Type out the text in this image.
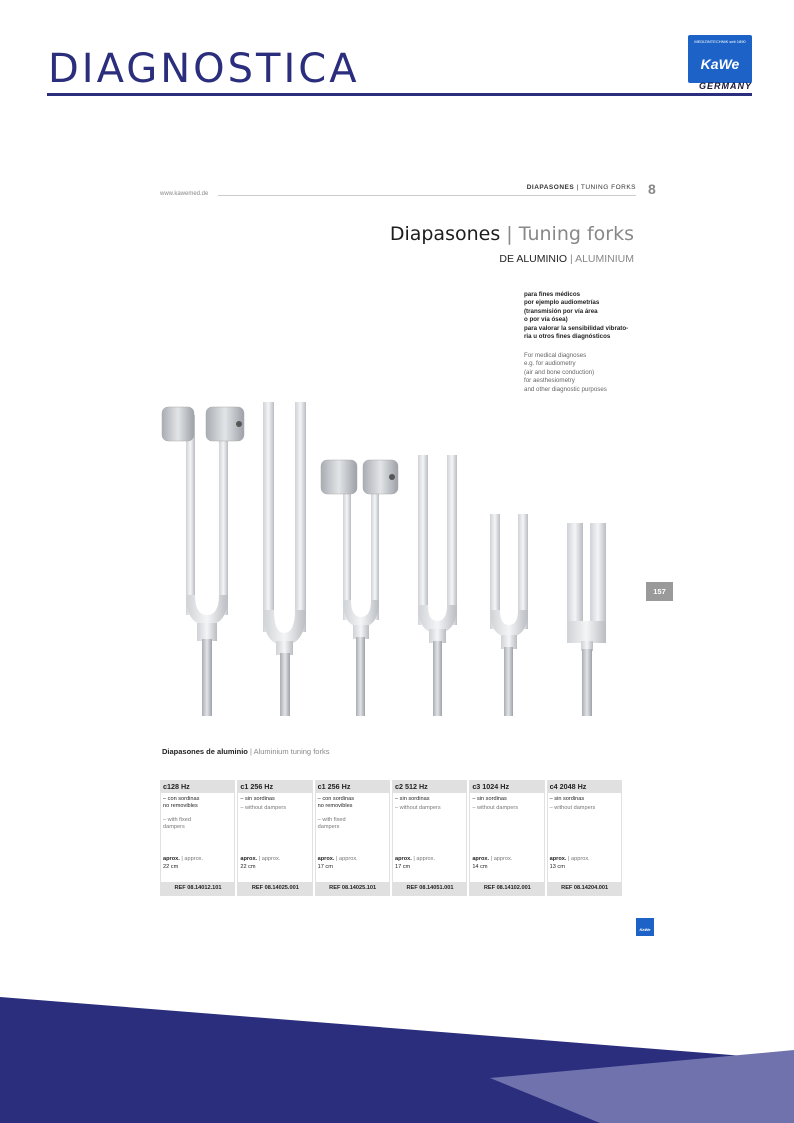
DIAGNOSTICA
MEDIZINTECHNIK seit 1890
KaWe
GERMANY
www.kawemed.de
DIAPASONES | TUNING FORKS 8
Diapasones | Tuning forks
DE ALUMINIO | ALUMINIUM
para fines médicos
por ejemplo audiometrías
(transmisión por vía área
o por vía ósea)
para valorar la sensibilidad vibrato-
ria u otros fines diagnósticos
For medical diagnoses
e.g. for audiometry
(air and bone conduction)
for aesthesiometry
and other diagnostic purposes
157
Diapasones de aluminio | Aluminium tuning forks
c128 Hz
– con sordinas
no removibles
– with fixed
dampers
aprox. | approx.
22 cm
REF 08.14012.101
c1 256 Hz
– sin sordinas
– without dampers
aprox. | approx.
22 cm
REF 08.14025.001
c1 256 Hz
– con sordinas
no removibles
– with fixed
dampers
aprox. | approx.
17 cm
REF 08.14025.101
c2 512 Hz
– sin sordinas
– without dampers
aprox. | approx.
17 cm
REF 08.14051.001
c3 1024 Hz
– sin sordinas
– without dampers
aprox. | approx.
14 cm
REF 08.14102.001
c4 2048 Hz
– sin sordinas
– without dampers
aprox. | approx.
13 cm
REF 08.14204.001
KaWe
